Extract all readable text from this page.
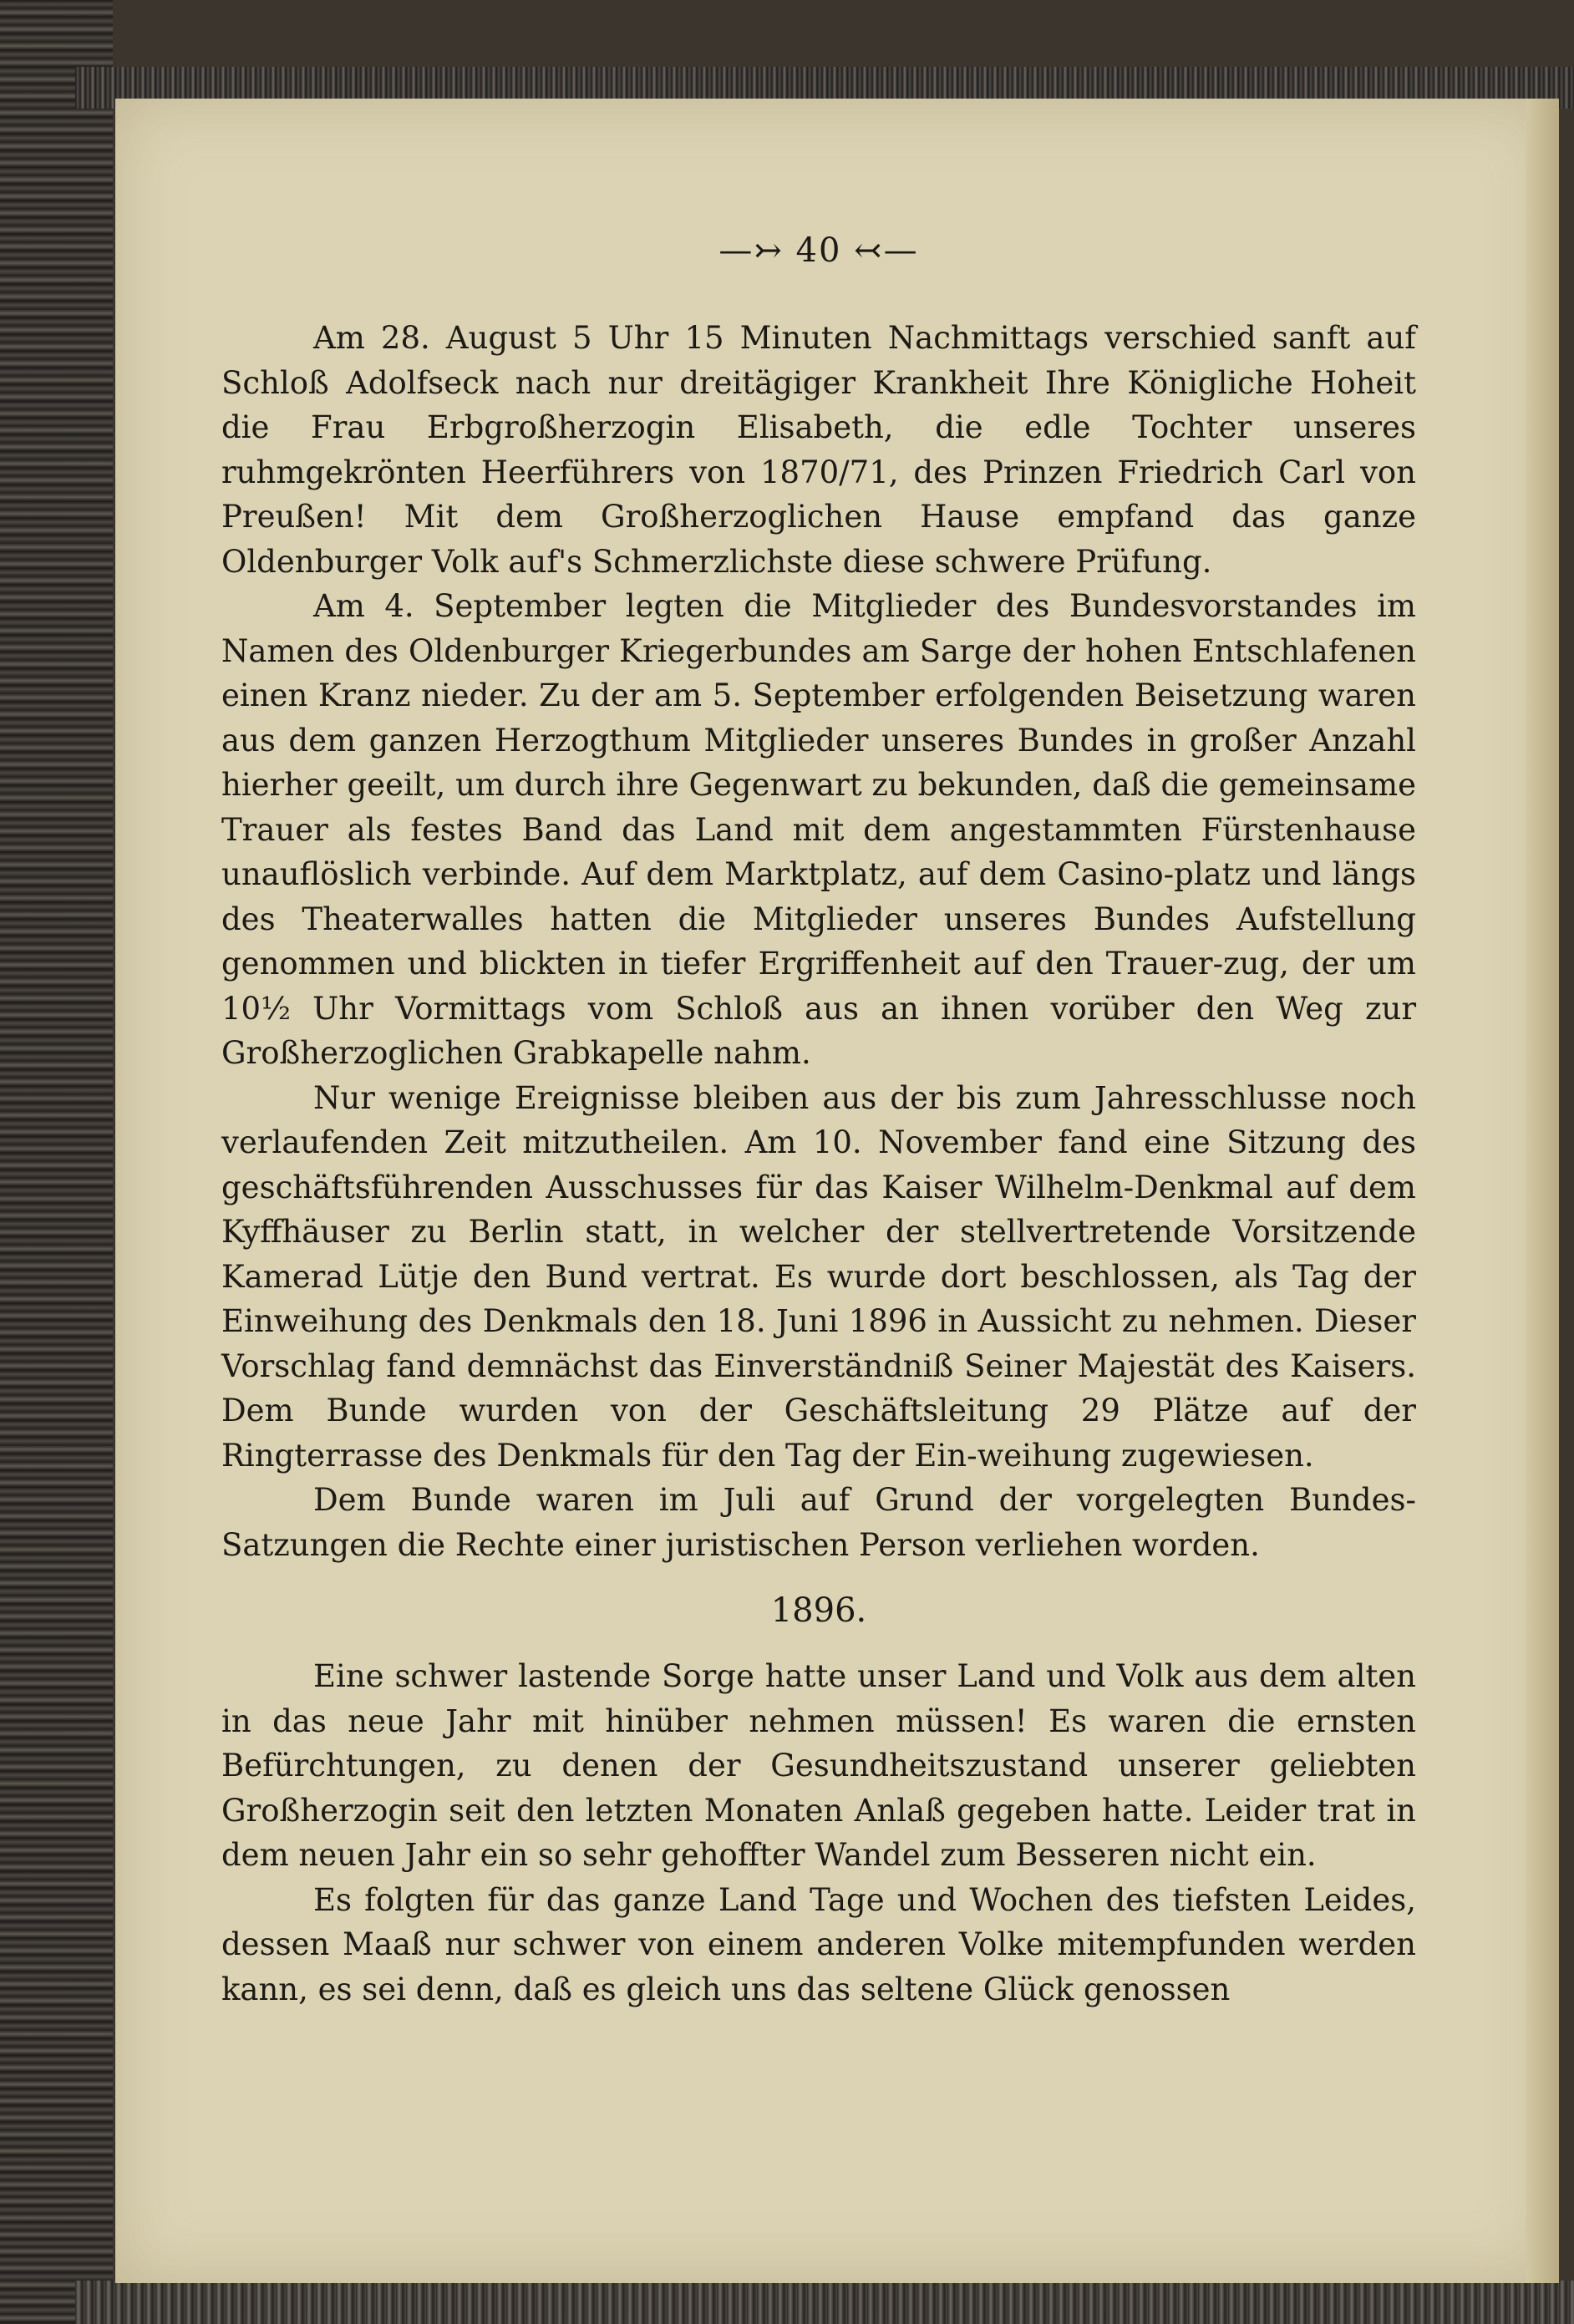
—↣ 40 ↢—

Am 28. August 5 Uhr 15 Minuten Nachmittags verschied sanft auf Schloß Adolfseck nach nur dreitägiger Krankheit Ihre Königliche Hoheit die Frau Erbgroßherzogin Elisabeth, die edle Tochter unseres ruhmgekrönten Heerführers von 1870/71, des Prinzen Friedrich Carl von Preußen! Mit dem Großherzoglichen Hause empfand das ganze Oldenburger Volk auf's Schmerzlichste diese schwere Prüfung.

Am 4. September legten die Mitglieder des Bundesvorstandes im Namen des Oldenburger Kriegerbundes am Sarge der hohen Entschlafenen einen Kranz nieder. Zu der am 5. September erfolgenden Beisetzung waren aus dem ganzen Herzogthum Mitglieder unseres Bundes in großer Anzahl hierher geeilt, um durch ihre Gegenwart zu bekunden, daß die gemeinsame Trauer als festes Band das Land mit dem angestammten Fürstenhause unauflöslich verbinde. Auf dem Marktplatz, auf dem Casino-platz und längs des Theaterwalles hatten die Mitglieder unseres Bundes Aufstellung genommen und blickten in tiefer Ergriffenheit auf den Trauer-zug, der um 10½ Uhr Vormittags vom Schloß aus an ihnen vorüber den Weg zur Großherzoglichen Grabkapelle nahm.

Nur wenige Ereignisse bleiben aus der bis zum Jahresschlusse noch verlaufenden Zeit mitzutheilen. Am 10. November fand eine Sitzung des geschäftsführenden Ausschusses für das Kaiser Wilhelm-Denkmal auf dem Kyffhäuser zu Berlin statt, in welcher der stellvertretende Vorsitzende Kamerad Lütje den Bund vertrat. Es wurde dort beschlossen, als Tag der Einweihung des Denkmals den 18. Juni 1896 in Aussicht zu nehmen. Dieser Vorschlag fand demnächst das Einverständniß Seiner Majestät des Kaisers. Dem Bunde wurden von der Geschäftsleitung 29 Plätze auf der Ringterrasse des Denkmals für den Tag der Ein-weihung zugewiesen.

Dem Bunde waren im Juli auf Grund der vorgelegten Bundes-Satzungen die Rechte einer juristischen Person verliehen worden.

1896.

Eine schwer lastende Sorge hatte unser Land und Volk aus dem alten in das neue Jahr mit hinüber nehmen müssen! Es waren die ernsten Befürchtungen, zu denen der Gesundheitszustand unserer geliebten Großherzogin seit den letzten Monaten Anlaß gegeben hatte. Leider trat in dem neuen Jahr ein so sehr gehoffter Wandel zum Besseren nicht ein.

Es folgten für das ganze Land Tage und Wochen des tiefsten Leides, dessen Maaß nur schwer von einem anderen Volke mitempfunden werden kann, es sei denn, daß es gleich uns das seltene Glück genossen
